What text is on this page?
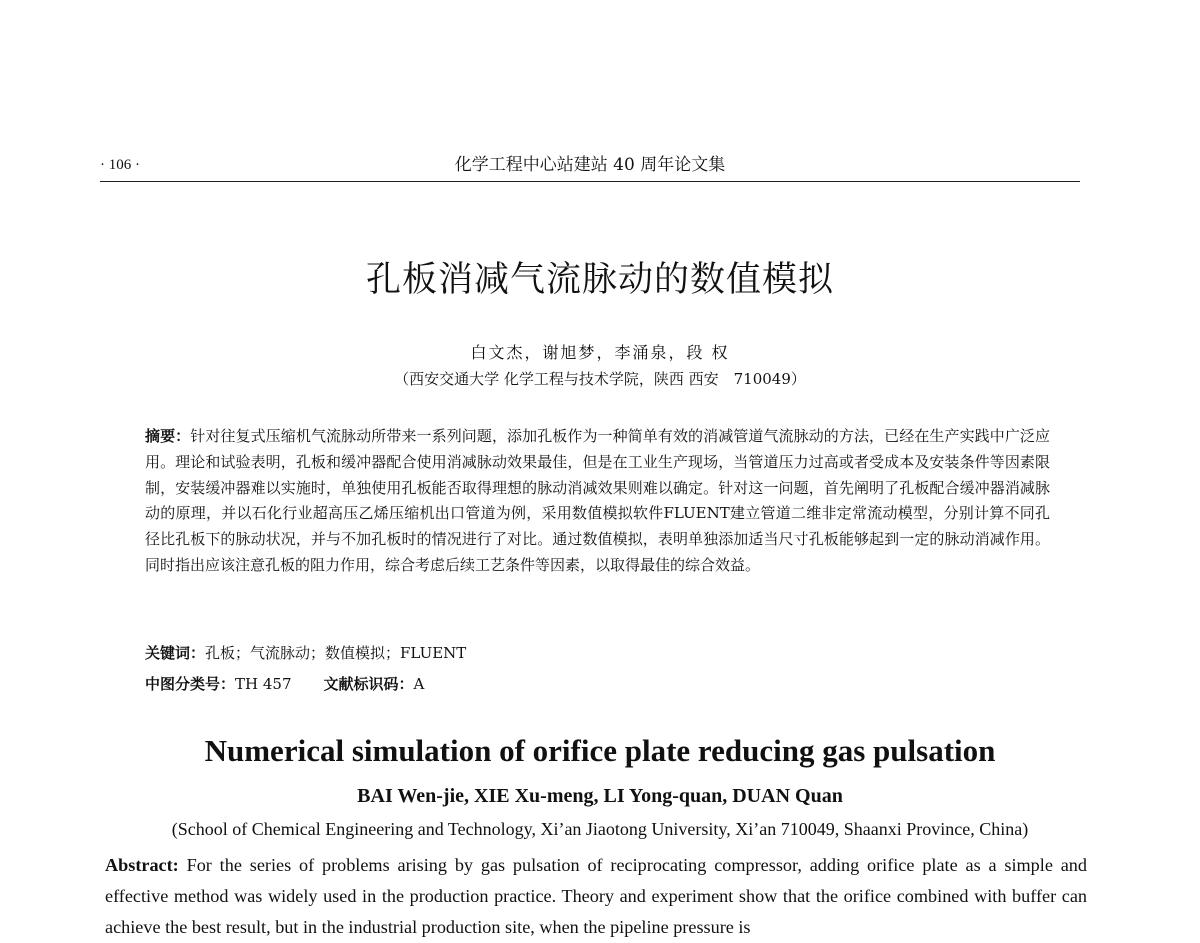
· 106 ·	化学工程中心站建站 40 周年论文集
孔板消减气流脉动的数值模拟
白文杰，谢旭梦，李涌泉，段 权
（西安交通大学 化学工程与技术学院，陕西 西安　710049）
摘要：针对往复式压缩机气流脉动所带来一系列问题，添加孔板作为一种简单有效的消减管道气流脉动的方法，已经在生产实践中广泛应用。理论和试验表明，孔板和缓冲器配合使用消减脉动效果最佳，但是在工业生产现场，当管道压力过高或者受成本及安装条件等因素限制，安装缓冲器难以实施时，单独使用孔板能否取得理想的脉动消减效果则难以确定。针对这一问题，首先阐明了孔板配合缓冲器消减脉动的原理，并以石化行业超高压乙烯压缩机出口管道为例，采用数值模拟软件FLUENT建立管道二维非定常流动模型，分别计算不同孔径比孔板下的脉动状况，并与不加孔板时的情况进行了对比。通过数值模拟，表明单独添加适当尺寸孔板能够起到一定的脉动消减作用。同时指出应该注意孔板的阻力作用，综合考虑后续工艺条件等因素，以取得最佳的综合效益。
关键词：孔板；气流脉动；数值模拟；FLUENT
中图分类号：TH 457 文献标识码：A
Numerical simulation of orifice plate reducing gas pulsation
BAI Wen-jie, XIE Xu-meng, LI Yong-quan, DUAN Quan
(School of Chemical Engineering and Technology, Xi’an Jiaotong University, Xi’an 710049, Shaanxi Province, China)
Abstract: For the series of problems arising by gas pulsation of reciprocating compressor, adding orifice plate as a simple and effective method was widely used in the production practice. Theory and experiment show that the orifice combined with buffer can achieve the best result, but in the industrial production site, when the pipeline pressure is
